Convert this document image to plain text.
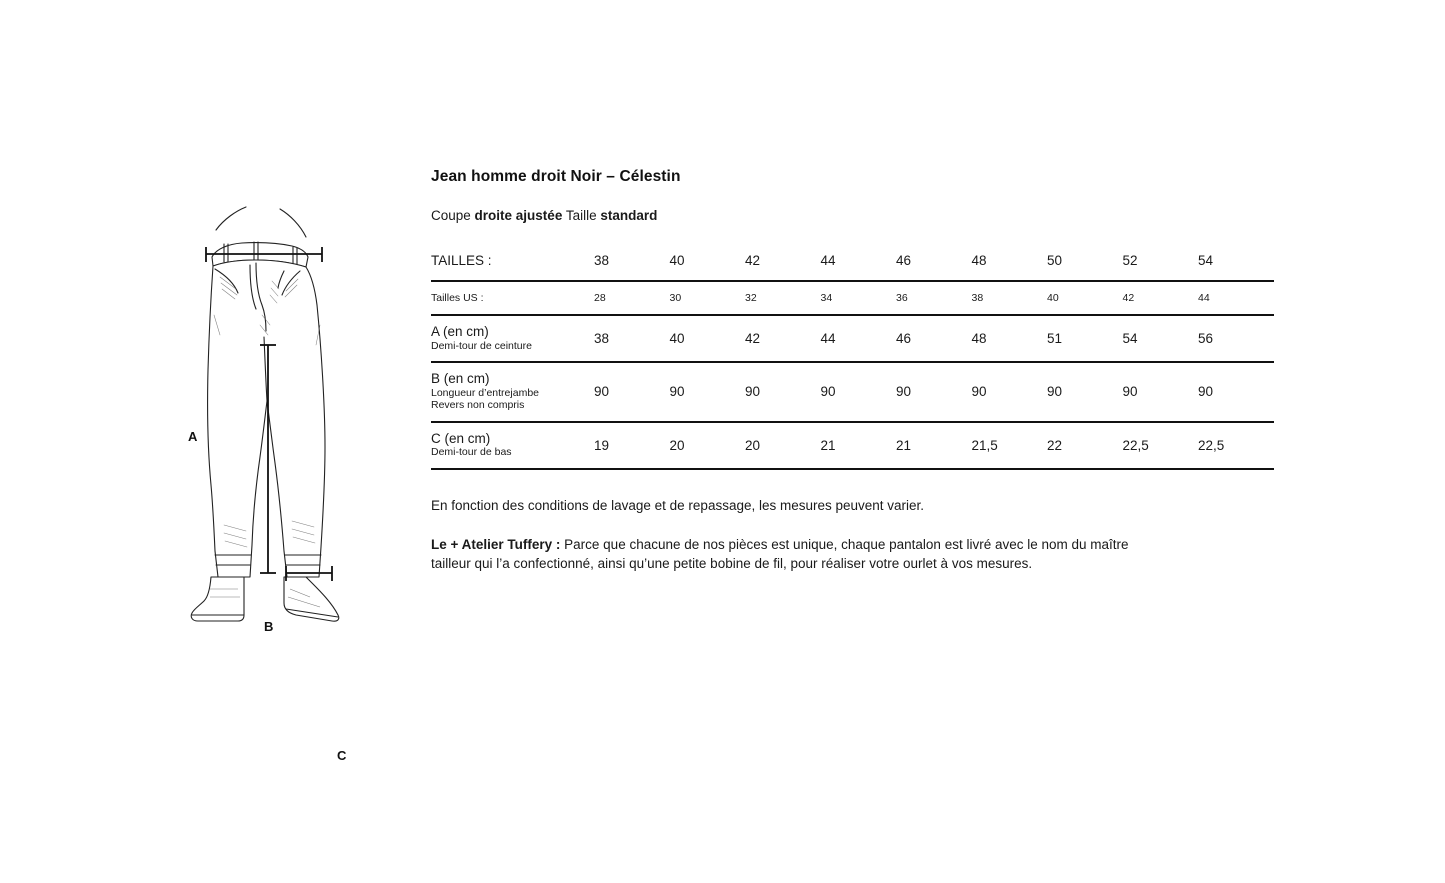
A
B
C
Jean homme droit Noir – Célestin

Coupe droite ajustée Taille standard

TAILLES :	38	40	42	44	46	48	50	52	54
Tailles US :	28	30	32	34	36	38	40	42	44

A (en cm)
Demi-tour de ceinture	38	40	42	44	46	48	51	54	56

B (en cm)
Longueur d’entrejambe
Revers non compris	90	90	90	90	90	90	90	90	90

C (en cm)
Demi-tour de bas	19	20	20	21	21	21,5	22	22,5	22,5

En fonction des conditions de lavage et de repassage, les mesures peuvent varier.

Le + Atelier Tuffery : Parce que chacune de nos pièces est unique, chaque pantalon est livré avec le nom du maître tailleur qui l’a confectionné, ainsi qu’une petite bobine de fil, pour réaliser votre ourlet à vos mesures.
